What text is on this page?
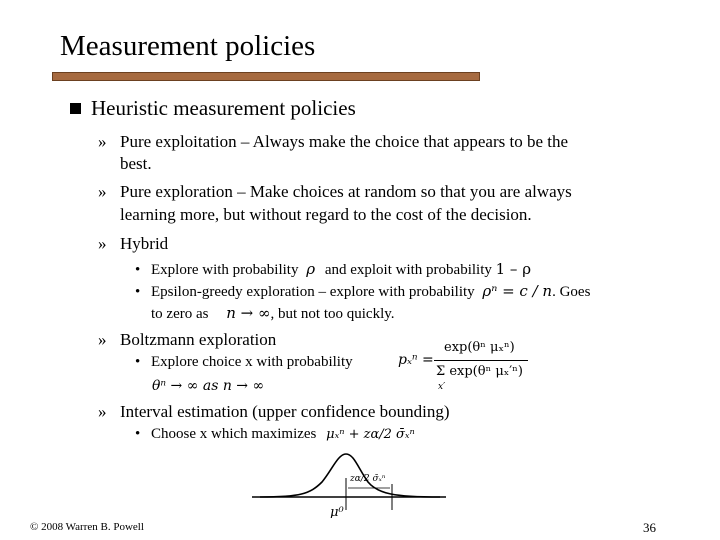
Measurement policies
Heuristic measurement policies
» Pure exploitation – Always make the choice that appears to be the
best.
» Pure exploration – Make choices at random so that you are always
learning more, but without regard to the cost of the decision.
» Hybrid
• Explore with probability ρ and exploit with probability 1 – ρ
• Epsilon-greedy exploration – explore with probability ρⁿ = c / n. Goes
to zero as n → ∞, but not too quickly.
» Boltzmann exploration
• Explore choice x with probability	pₓⁿ =
exp(θⁿ μₓⁿ)
Σ exp(θⁿ μₓ′ⁿ)
x′
θⁿ → ∞ as n → ∞
» Interval estimation (upper confidence bounding)
• Choose x which maximizes μₓⁿ + zα/2 σ̄ₓⁿ
zα/2 σ̄ₓⁿ
μ⁰
© 2008 Warren B. Powell	36
